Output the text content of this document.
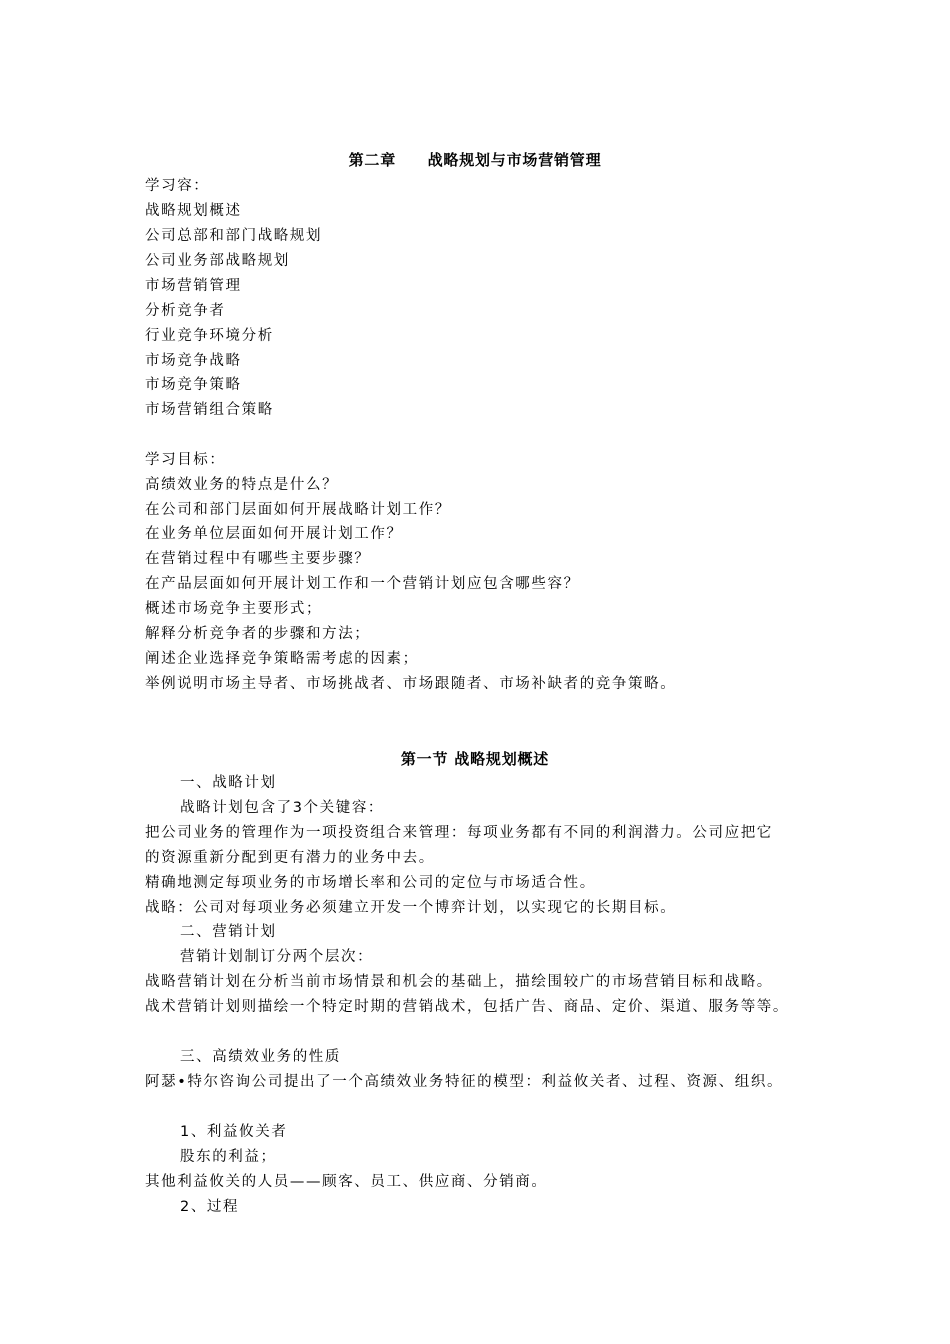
第二章　　战略规划与市场营销管理
学习容：
战略规划概述
公司总部和部门战略规划
公司业务部战略规划
市场营销管理
分析竞争者
行业竞争环境分析
市场竞争战略
市场竞争策略
市场营销组合策略
学习目标：
高绩效业务的特点是什么？
在公司和部门层面如何开展战略计划工作？
在业务单位层面如何开展计划工作？
在营销过程中有哪些主要步骤？
在产品层面如何开展计划工作和一个营销计划应包含哪些容？
概述市场竞争主要形式；
解释分析竞争者的步骤和方法；
阐述企业选择竞争策略需考虑的因素；
举例说明市场主导者、市场挑战者、市场跟随者、市场补缺者的竞争策略。
第一节 战略规划概述
一、战略计划
战略计划包含了3个关键容：
把公司业务的管理作为一项投资组合来管理：每项业务都有不同的利润潜力。公司应把它
的资源重新分配到更有潜力的业务中去。
精确地测定每项业务的市场增长率和公司的定位与市场适合性。
战略：公司对每项业务必须建立开发一个博弈计划，以实现它的长期目标。
二、营销计划
营销计划制订分两个层次：
战略营销计划在分析当前市场情景和机会的基础上，描绘围较广的市场营销目标和战略。
战术营销计划则描绘一个特定时期的营销战术，包括广告、商品、定价、渠道、服务等等。
三、高绩效业务的性质
阿瑟•特尔咨询公司提出了一个高绩效业务特征的模型：利益攸关者、过程、资源、组织。
1、利益攸关者
股东的利益；
其他利益攸关的人员——顾客、员工、供应商、分销商。
2、过程
